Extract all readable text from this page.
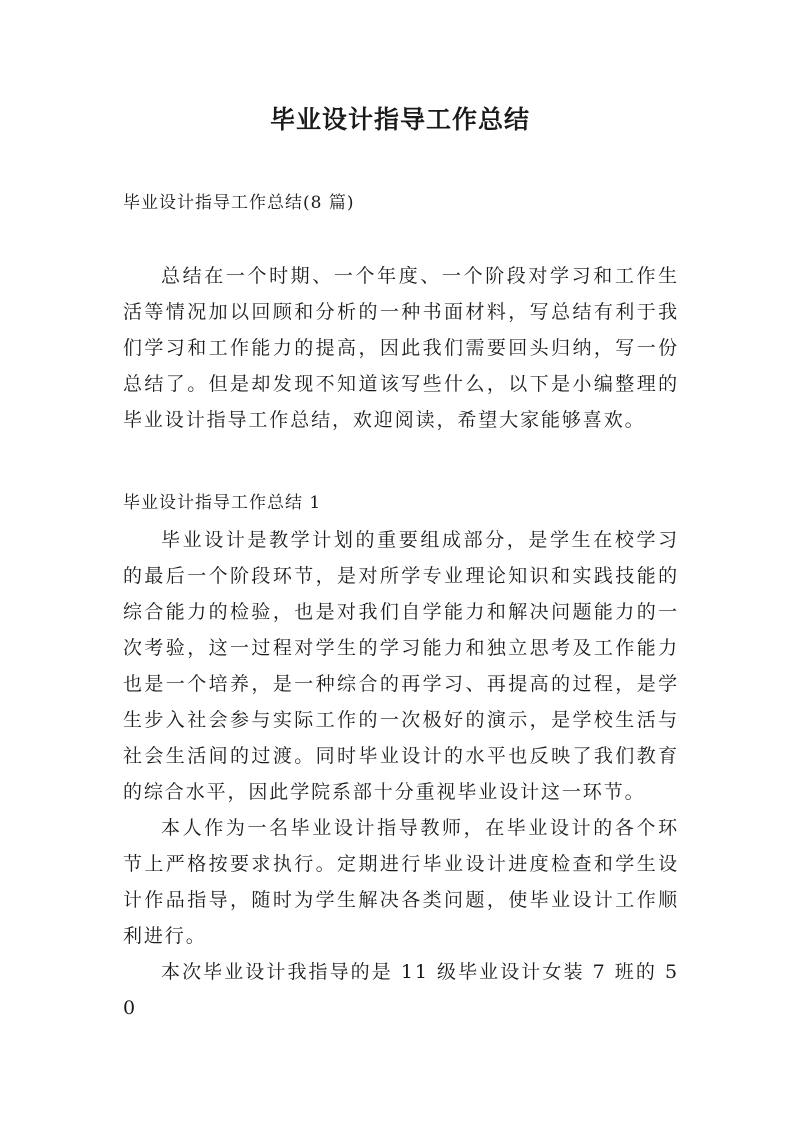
毕业设计指导工作总结
毕业设计指导工作总结(8 篇)

总结在一个时期、一个年度、一个阶段对学习和工作生活等情况加以回顾和分析的一种书面材料，写总结有利于我们学习和工作能力的提高，因此我们需要回头归纳，写一份总结了。但是却发现不知道该写些什么，以下是小编整理的毕业设计指导工作总结，欢迎阅读，希望大家能够喜欢。

毕业设计指导工作总结 1

毕业设计是教学计划的重要组成部分，是学生在校学习的最后一个阶段环节，是对所学专业理论知识和实践技能的综合能力的检验，也是对我们自学能力和解决问题能力的一次考验，这一过程对学生的学习能力和独立思考及工作能力也是一个培养，是一种综合的再学习、再提高的过程，是学生步入社会参与实际工作的一次极好的演示，是学校生活与社会生活间的过渡。同时毕业设计的水平也反映了我们教育的综合水平，因此学院系部十分重视毕业设计这一环节。

本人作为一名毕业设计指导教师，在毕业设计的各个环节上严格按要求执行。定期进行毕业设计进度检查和学生设计作品指导，随时为学生解决各类问题，使毕业设计工作顺利进行。

本次毕业设计我指导的是 11 级毕业设计女装 7 班的 50
